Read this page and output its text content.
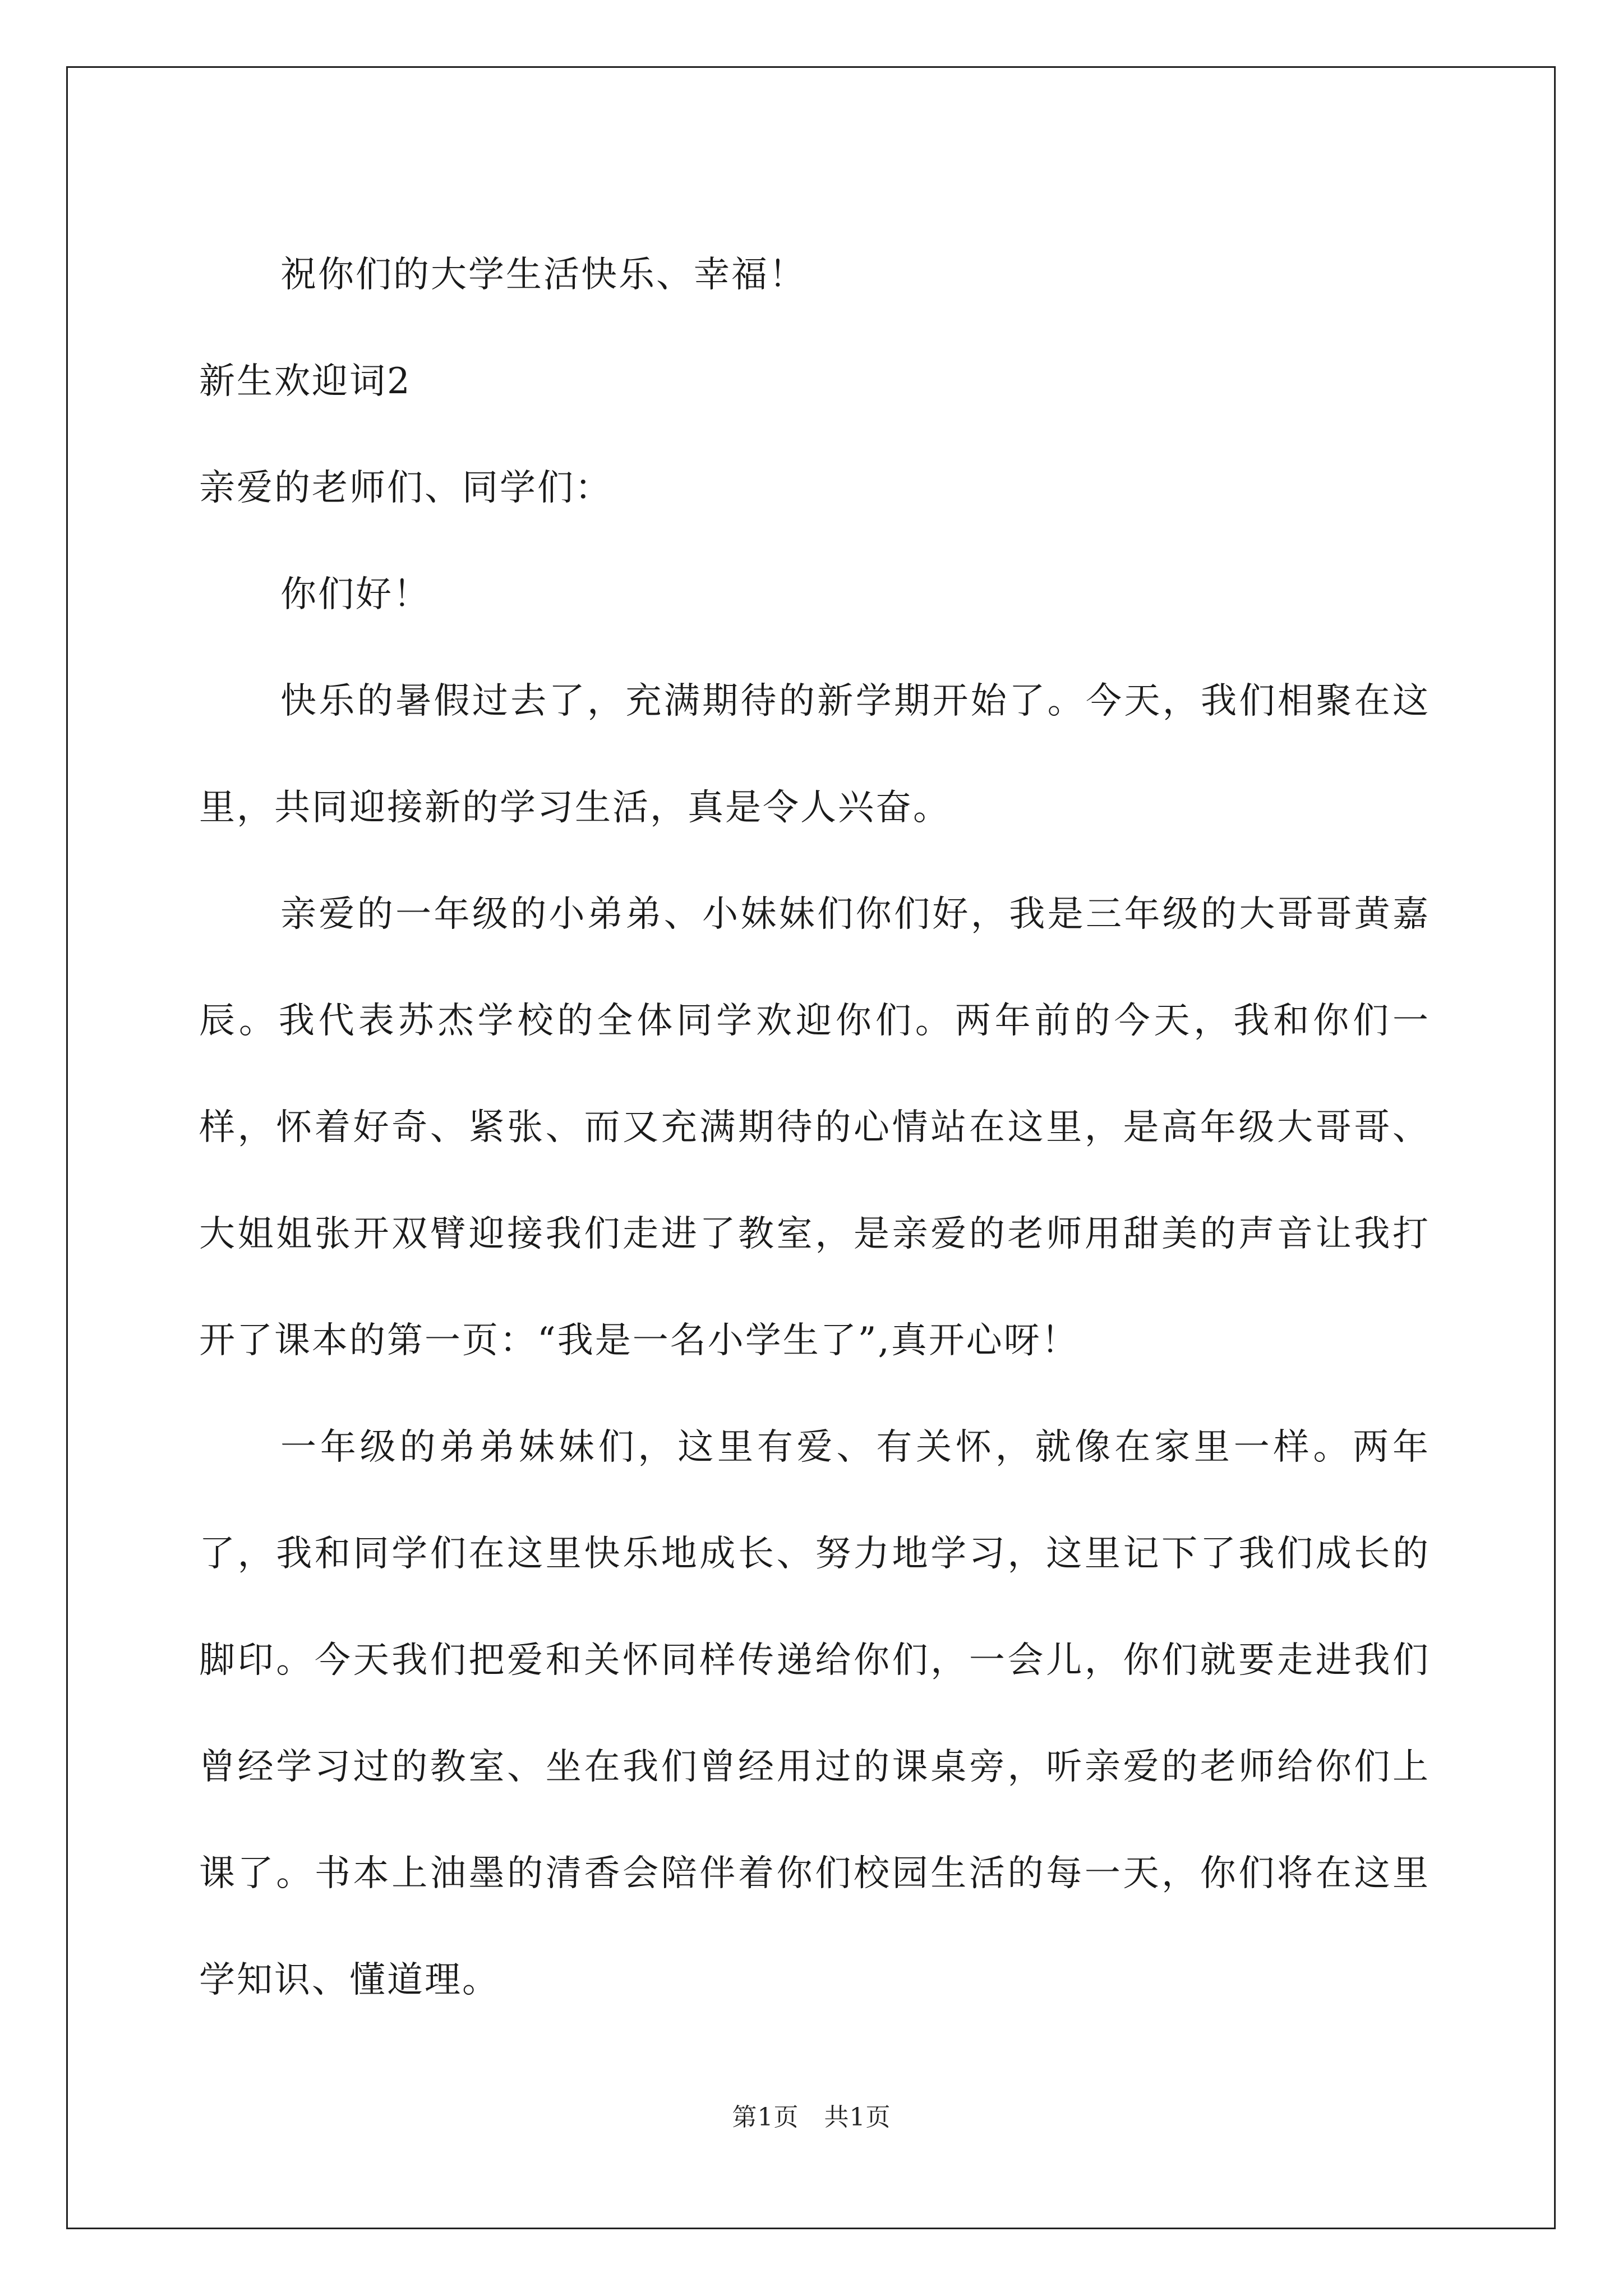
祝你们的大学生活快乐、幸福！

新生欢迎词2

亲爱的老师们、同学们：

你们好！

快乐的暑假过去了，充满期待的新学期开始了。今天，我们相聚在这里，共同迎接新的学习生活，真是令人兴奋。

亲爱的一年级的小弟弟、小妹妹们你们好，我是三年级的大哥哥黄嘉辰。我代表苏杰学校的全体同学欢迎你们。两年前的今天，我和你们一样，怀着好奇、紧张、而又充满期待的心情站在这里，是高年级大哥哥、大姐姐张开双臂迎接我们走进了教室，是亲爱的老师用甜美的声音让我打开了课本的第一页：“我是一名小学生了”,真开心呀！

一年级的弟弟妹妹们，这里有爱、有关怀，就像在家里一样。两年了，我和同学们在这里快乐地成长、努力地学习，这里记下了我们成长的脚印。今天我们把爱和关怀同样传递给你们，一会儿，你们就要走进我们曾经学习过的教室、坐在我们曾经用过的课桌旁，听亲爱的老师给你们上课了。书本上油墨的清香会陪伴着你们校园生活的每一天，你们将在这里学知识、懂道理。

第1页　共1页
